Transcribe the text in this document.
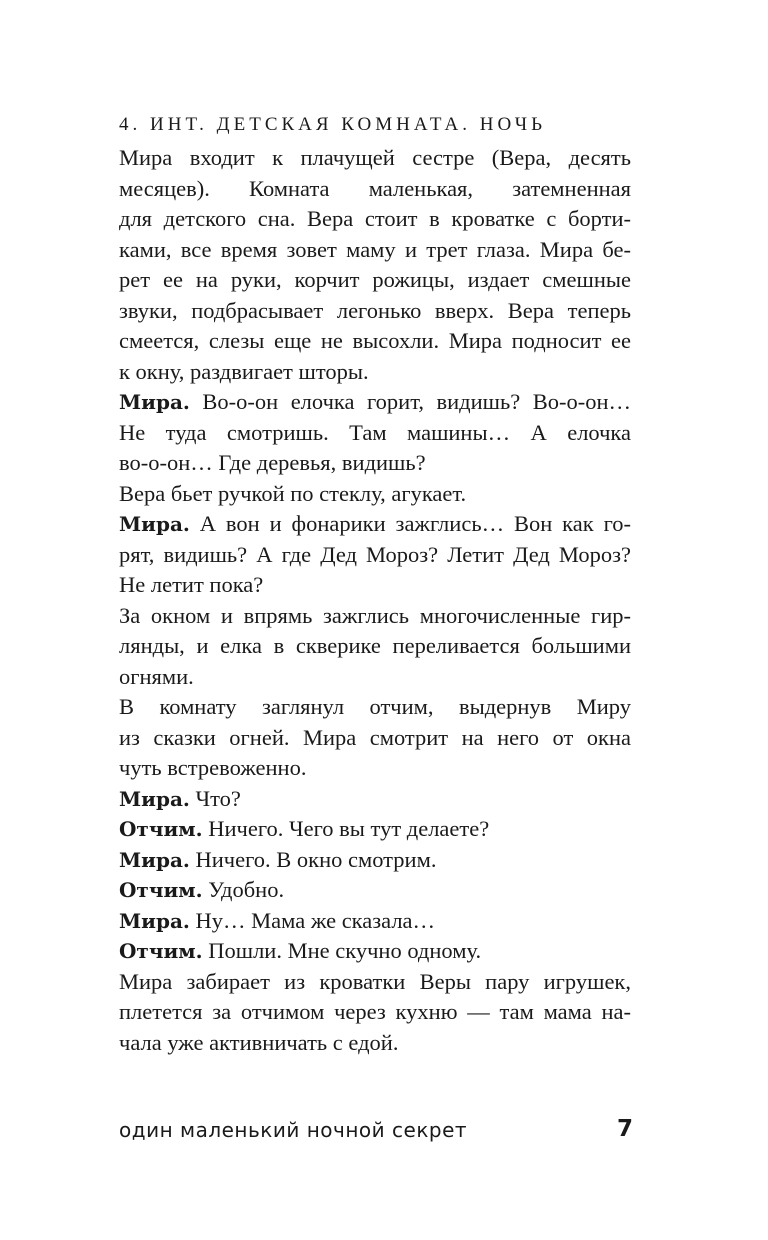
4. ИНТ. ДЕТСКАЯ КОМНАТА. НОЧЬ
Мира входит к плачущей сестре (Вера, десять
месяцев). Комната маленькая, затемненная
для детского сна. Вера стоит в кроватке с борти-
ками, все время зовет маму и трет глаза. Мира бе-
рет ее на руки, корчит рожицы, издает смешные
звуки, подбрасывает легонько вверх. Вера теперь
смеется, слезы еще не высохли. Мира подносит ее
к окну, раздвигает шторы.
Мира. Во-о-он елочка горит, видишь? Во-о-он…
Не туда смотришь. Там машины… А елочка
во-о-он… Где деревья, видишь?
Вера бьет ручкой по стеклу, агукает.
Мира. А вон и фонарики зажглись… Вон как го-
рят, видишь? А где Дед Мороз? Летит Дед Мороз?
Не летит пока?
За окном и впрямь зажглись многочисленные гир-
лянды, и елка в скверике переливается большими
огнями.
В комнату заглянул отчим, выдернув Миру
из сказки огней. Мира смотрит на него от окна
чуть встревоженно.
Мира. Что?
Отчим. Ничего. Чего вы тут делаете?
Мира. Ничего. В окно смотрим.
Отчим. Удобно.
Мира. Ну… Мама же сказала…
Отчим. Пошли. Мне скучно одному.
Мира забирает из кроватки Веры пару игрушек,
плетется за отчимом через кухню — там мама на-
чала уже активничать с едой.
один маленький ночной секрет	7
